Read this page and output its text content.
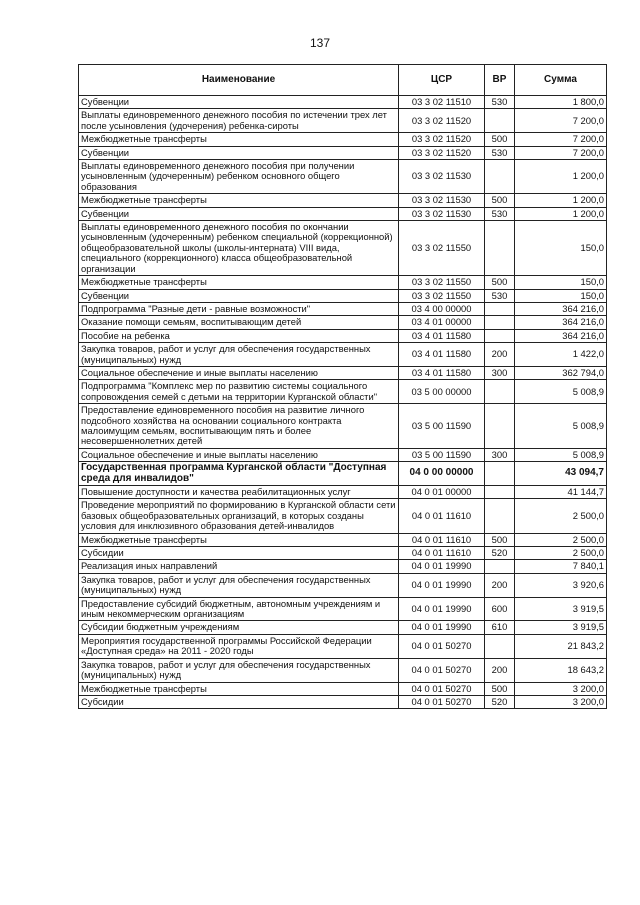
137
Наименование	ЦСР	ВР	Сумма
Субвенции	03 3 02 11510	530	1 800,0
Выплаты единовременного денежного пособия по истечении трех лет после усыновления (удочерения) ребенка-сироты	03 3 02 11520		7 200,0
Межбюджетные трансферты	03 3 02 11520	500	7 200,0
Субвенции	03 3 02 11520	530	7 200,0
Выплаты единовременного денежного пособия при получении усыновленным (удочеренным) ребенком основного общего образования	03 3 02 11530		1 200,0
Межбюджетные трансферты	03 3 02 11530	500	1 200,0
Субвенции	03 3 02 11530	530	1 200,0
Выплаты единовременного денежного пособия по окончании усыновленным (удочеренным) ребенком специальной (коррекционной) общеобразовательной школы (школы-интерната) VIII вида, специального (коррекционного) класса общеобразовательной организации	03 3 02 11550		150,0
Межбюджетные трансферты	03 3 02 11550	500	150,0
Субвенции	03 3 02 11550	530	150,0
Подпрограмма "Разные дети - равные возможности"	03 4 00 00000		364 216,0
Оказание помощи семьям, воспитывающим детей	03 4 01 00000		364 216,0
Пособие на ребенка	03 4 01 11580		364 216,0
Закупка товаров, работ и услуг для обеспечения государственных (муниципальных) нужд	03 4 01 11580	200	1 422,0
Социальное обеспечение и иные выплаты населению	03 4 01 11580	300	362 794,0
Подпрограмма "Комплекс мер по развитию системы социального сопровождения семей с детьми на территории Курганской области"	03 5 00 00000		5 008,9
Предоставление единовременного пособия на развитие личного подсобного хозяйства на основании социального контракта малоимущим семьям, воспитывающим пять и более несовершеннолетних детей	03 5 00 11590		5 008,9
Социальное обеспечение и иные выплаты населению	03 5 00 11590	300	5 008,9
Государственная программа Курганской области "Доступная среда для инвалидов"	04 0 00 00000		43 094,7
Повышение доступности и качества реабилитационных услуг	04 0 01 00000		41 144,7
Проведение мероприятий по формированию в Курганской области сети базовых общеобразовательных организаций, в которых созданы условия для инклюзивного образования детей-инвалидов	04 0 01 11610		2 500,0
Межбюджетные трансферты	04 0 01 11610	500	2 500,0
Субсидии	04 0 01 11610	520	2 500,0
Реализация иных направлений	04 0 01 19990		7 840,1
Закупка товаров, работ и услуг для обеспечения государственных (муниципальных) нужд	04 0 01 19990	200	3 920,6
Предоставление субсидий бюджетным, автономным учреждениям и иным некоммерческим организациям	04 0 01 19990	600	3 919,5
Субсидии бюджетным учреждениям	04 0 01 19990	610	3 919,5
Мероприятия государственной программы Российской Федерации «Доступная среда» на 2011 - 2020 годы	04 0 01 50270		21 843,2
Закупка товаров, работ и услуг для обеспечения государственных (муниципальных) нужд	04 0 01 50270	200	18 643,2
Межбюджетные трансферты	04 0 01 50270	500	3 200,0
Субсидии	04 0 01 50270	520	3 200,0
